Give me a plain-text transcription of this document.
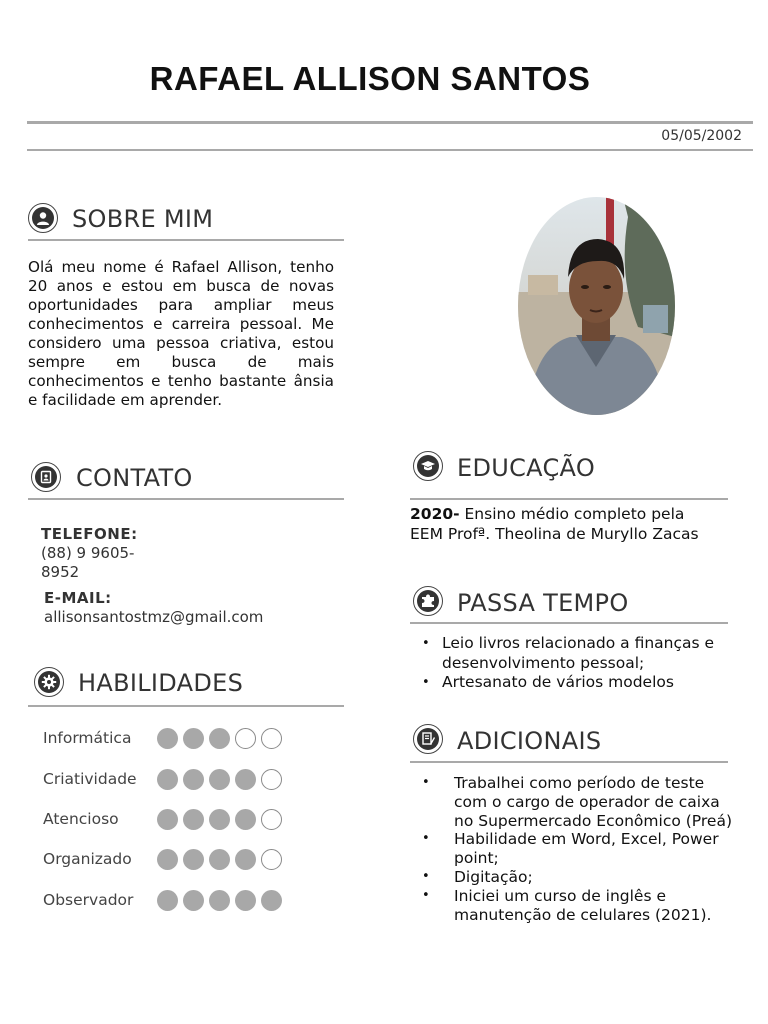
RAFAEL ALLISON SANTOS
05/05/2002
SOBRE MIM
Olá meu nome é Rafael Allison, tenho 20 anos e estou em busca de novas oportunidades para ampliar meus conhecimentos e carreira pessoal. Me considero uma pessoa criativa, estou sempre em busca de mais conhecimentos e tenho bastante ânsia e facilidade em aprender.
CONTATO
TELEFONE:
(88) 9 9605-
8952
E-MAIL:
allisonsantostmz@gmail.com
HABILIDADES
Informática
Criatividade
Atencioso
Organizado
Observador
EDUCAÇÃO
2020- Ensino médio completo pela
EEM Profª. Theolina de Muryllo Zacas
PASSA TEMPO
• Leio livros relacionado a finanças e desenvolvimento pessoal;
• Artesanato de vários modelos
ADICIONAIS
• Trabalhei como período de teste com o cargo de operador de caixa no Supermercado Econômico (Preá)
• Habilidade em Word, Excel, Power point;
• Digitação;
• Iniciei um curso de inglês e manutenção de celulares (2021).
